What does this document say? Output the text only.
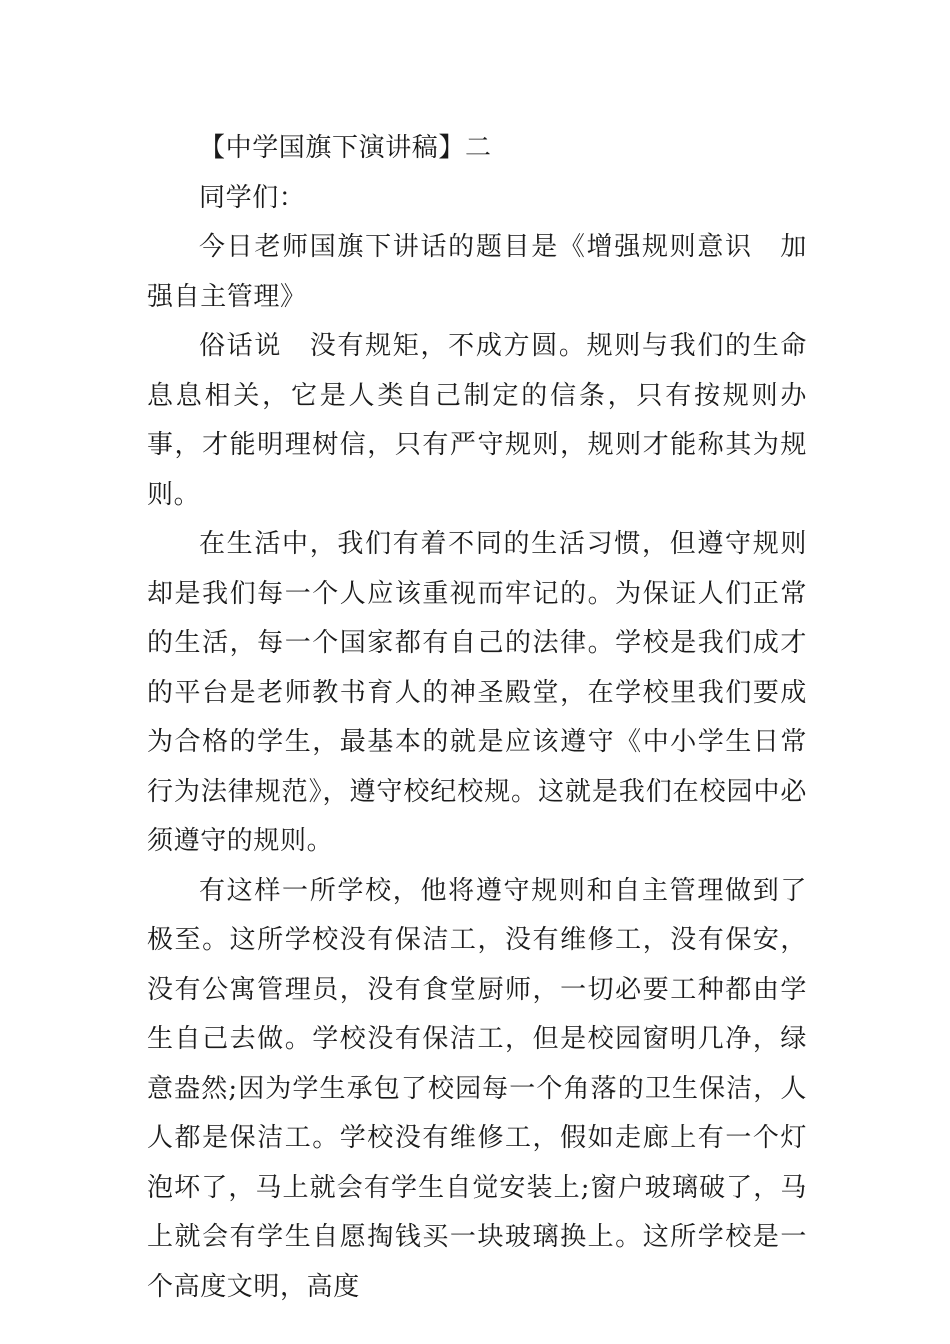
【中学国旗下演讲稿】二

同学们：

今日老师国旗下讲话的题目是《增强规则意识　加强自主管理》

俗话说　没有规矩，不成方圆。规则与我们的生命息息相关，它是人类自己制定的信条，只有按规则办事，才能明理树信，只有严守规则，规则才能称其为规则。

在生活中，我们有着不同的生活习惯，但遵守规则却是我们每一个人应该重视而牢记的。为保证人们正常的生活，每一个国家都有自己的法律。学校是我们成才的平台是老师教书育人的神圣殿堂，在学校里我们要成为合格的学生，最基本的就是应该遵守《中小学生日常行为法律规范》，遵守校纪校规。这就是我们在校园中必须遵守的规则。

有这样一所学校，他将遵守规则和自主管理做到了极至。这所学校没有保洁工，没有维修工，没有保安，没有公寓管理员，没有食堂厨师，一切必要工种都由学生自己去做。学校没有保洁工，但是校园窗明几净，绿意盎然;因为学生承包了校园每一个角落的卫生保洁，人人都是保洁工。学校没有维修工，假如走廊上有一个灯泡坏了，马上就会有学生自觉安装上;窗户玻璃破了，马上就会有学生自愿掏钱买一块玻璃换上。这所学校是一个高度文明，高度
